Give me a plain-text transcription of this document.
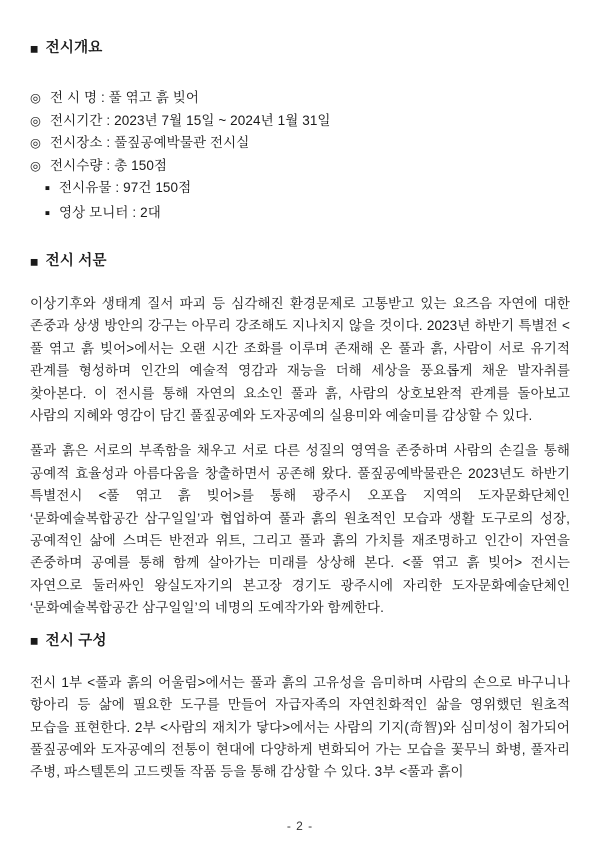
■ 전시개요
◎ 전 시 명 : 풀 엮고 흙 빚어
◎ 전시기간 : 2023년 7월 15일 ~ 2024년 1월 31일
◎ 전시장소 : 풀짚공예박물관 전시실
◎ 전시수량 : 총 150점
■ 전시유물 : 97건 150점
■ 영상 모니터 : 2대
■ 전시 서문

이상기후와 생태계 질서 파괴 등 심각해진 환경문제로 고통받고 있는 요즈음 자연에 대한 존중과 상생 방안의 강구는 아무리 강조해도 지나치지 않을 것이다. 2023년 하반기 특별전 <풀 엮고 흙 빚어>에서는 오랜 시간 조화를 이루며 존재해 온 풀과 흙, 사람이 서로 유기적 관계를 형성하며 인간의 예술적 영감과 재능을 더해 세상을 풍요롭게 채운 발자취를 찾아본다. 이 전시를 통해 자연의 요소인 풀과 흙, 사람의 상호보완적 관계를 돌아보고 사람의 지혜와 영감이 담긴 풀짚공예와 도자공예의 실용미와 예술미를 감상할 수 있다.

풀과 흙은 서로의 부족함을 채우고 서로 다른 성질의 영역을 존중하며 사람의 손길을 통해 공예적 효율성과 아름다움을 창출하면서 공존해 왔다. 풀짚공예박물관은 2023년도 하반기 특별전시 <풀 엮고 흙 빚어>를 통해 광주시 오포읍 지역의 도자문화단체인 ‘문화예술복합공간 삼구일일’과 협업하여 풀과 흙의 원초적인 모습과 생활 도구로의 성장, 공예적인 삶에 스며든 반전과 위트, 그리고 풀과 흙의 가치를 재조명하고 인간이 자연을 존중하며 공예를 통해 함께 살아가는 미래를 상상해 본다. <풀 엮고 흙 빚어> 전시는 자연으로 둘러싸인 왕실도자기의 본고장 경기도 광주시에 자리한 도자문화예술단체인 ‘문화예술복합공간 삼구일일’의 네명의 도예작가와 함께한다.

■ 전시 구성

전시 1부 <풀과 흙의 어울림>에서는 풀과 흙의 고유성을 음미하며 사람의 손으로 바구니나 항아리 등 삶에 필요한 도구를 만들어 자급자족의 자연친화적인 삶을 영위했던 원초적 모습을 표현한다. 2부 <사람의 재치가 닿다>에서는 사람의 기지(奇智)와 심미성이 첨가되어 풀짚공예와 도자공예의 전통이 현대에 다양하게 변화되어 가는 모습을 꽃무늬 화병, 풀자리 주병, 파스텔톤의 고드렛돌 작품 등을 통해 감상할 수 있다. 3부 <풀과 흙이

- 2 -
